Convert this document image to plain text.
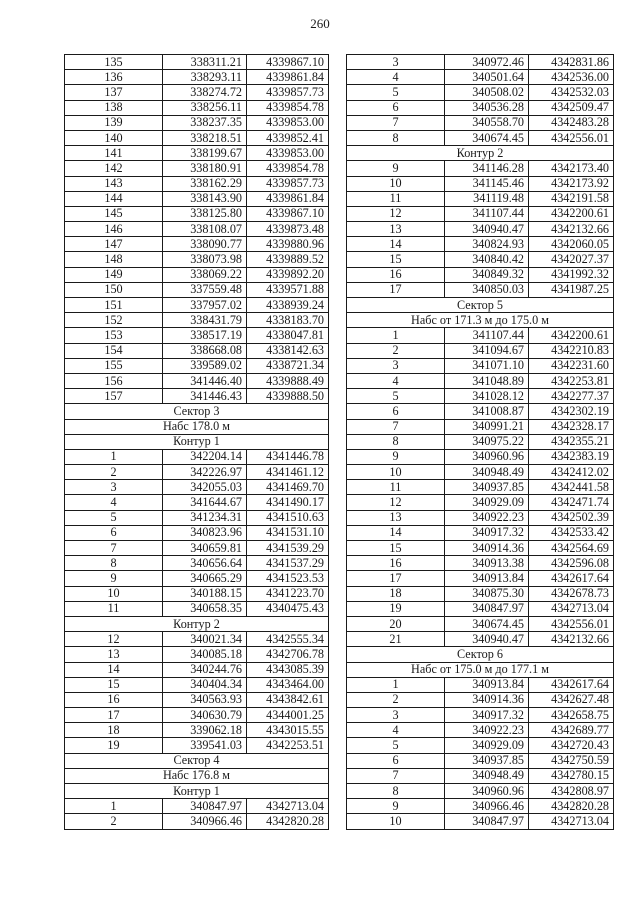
260
135	338311.21	4339867.10
136	338293.11	4339861.84
137	338274.72	4339857.73
138	338256.11	4339854.78
139	338237.35	4339853.00
140	338218.51	4339852.41
141	338199.67	4339853.00
142	338180.91	4339854.78
143	338162.29	4339857.73
144	338143.90	4339861.84
145	338125.80	4339867.10
146	338108.07	4339873.48
147	338090.77	4339880.96
148	338073.98	4339889.52
149	338069.22	4339892.20
150	337559.48	4339571.88
151	337957.02	4338939.24
152	338431.79	4338183.70
153	338517.19	4338047.81
154	338668.08	4338142.63
155	339589.02	4338721.34
156	341446.40	4339888.49
157	341446.43	4339888.50
Сектор 3		
Набс 178.0 м		
Контур 1		
1	342204.14	4341446.78
2	342226.97	4341461.12
3	342055.03	4341469.70
4	341644.67	4341490.17
5	341234.31	4341510.63
6	340823.96	4341531.10
7	340659.81	4341539.29
8	340656.64	4341537.29
9	340665.29	4341523.53
10	340188.15	4341223.70
11	340658.35	4340475.43
Контур 2		
12	340021.34	4342555.34
13	340085.18	4342706.78
14	340244.76	4343085.39
15	340404.34	4343464.00
16	340563.93	4343842.61
17	340630.79	4344001.25
18	339062.18	4343015.55
19	339541.03	4342253.51
Сектор 4		
Набс 176.8 м		
Контур 1		
1	340847.97	4342713.04
2	340966.46	4342820.28
3	340972.46	4342831.86
4	340501.64	4342536.00
5	340508.02	4342532.03
6	340536.28	4342509.47
7	340558.70	4342483.28
8	340674.45	4342556.01
Контур 2		
9	341146.28	4342173.40
10	341145.46	4342173.92
11	341119.48	4342191.58
12	341107.44	4342200.61
13	340940.47	4342132.66
14	340824.93	4342060.05
15	340840.42	4342027.37
16	340849.32	4341992.32
17	340850.03	4341987.25
Сектор 5		
Набс от 171.3 м до 175.0 м		
1	341107.44	4342200.61
2	341094.67	4342210.83
3	341071.10	4342231.60
4	341048.89	4342253.81
5	341028.12	4342277.37
6	341008.87	4342302.19
7	340991.21	4342328.17
8	340975.22	4342355.21
9	340960.96	4342383.19
10	340948.49	4342412.02
11	340937.85	4342441.58
12	340929.09	4342471.74
13	340922.23	4342502.39
14	340917.32	4342533.42
15	340914.36	4342564.69
16	340913.38	4342596.08
17	340913.84	4342617.64
18	340875.30	4342678.73
19	340847.97	4342713.04
20	340674.45	4342556.01
21	340940.47	4342132.66
Сектор 6		
Набс от 175.0 м до 177.1 м		
1	340913.84	4342617.64
2	340914.36	4342627.48
3	340917.32	4342658.75
4	340922.23	4342689.77
5	340929.09	4342720.43
6	340937.85	4342750.59
7	340948.49	4342780.15
8	340960.96	4342808.97
9	340966.46	4342820.28
10	340847.97	4342713.04
